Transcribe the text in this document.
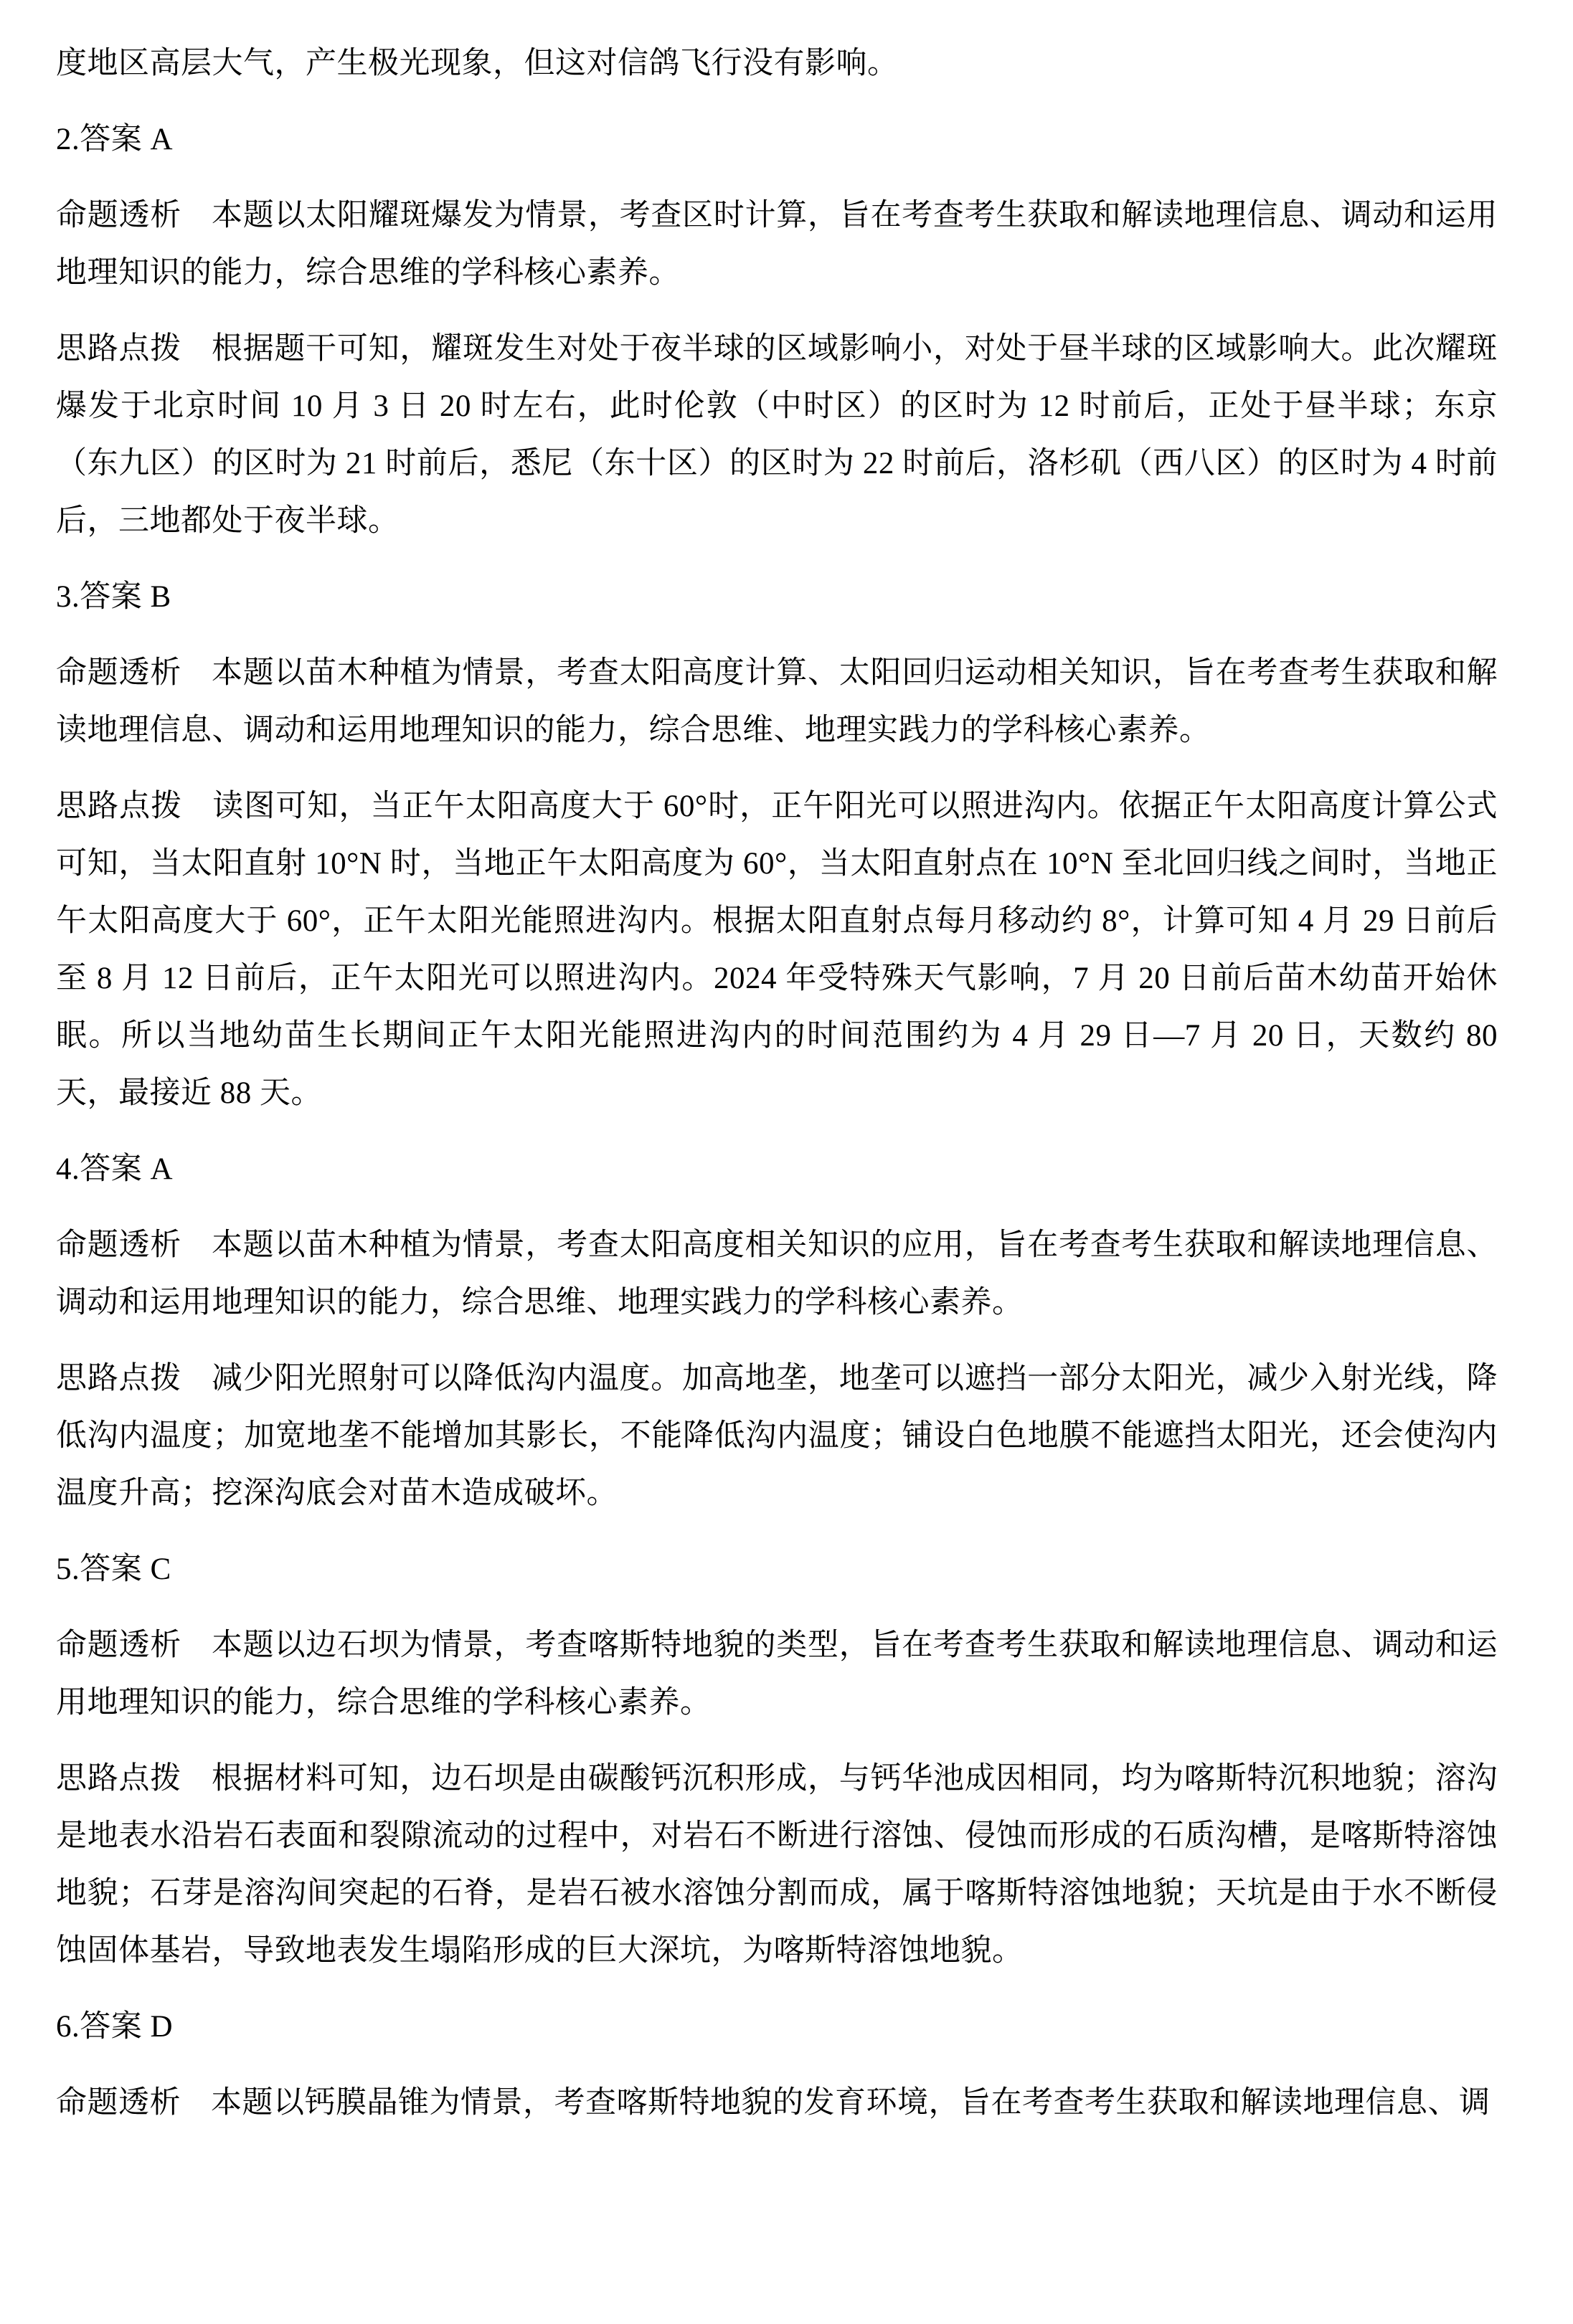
度地区高层大气，产生极光现象，但这对信鸽飞行没有影响。

2.答案 A

命题透析 本题以太阳耀斑爆发为情景，考查区时计算，旨在考查考生获取和解读地理信息、调动和运用地理知识的能力，综合思维的学科核心素养。

思路点拨 根据题干可知，耀斑发生对处于夜半球的区域影响小，对处于昼半球的区域影响大。此次耀斑爆发于北京时间 10 月 3 日 20 时左右，此时伦敦（中时区）的区时为 12 时前后，正处于昼半球；东京（东九区）的区时为 21 时前后，悉尼（东十区）的区时为 22 时前后，洛杉矶（西八区）的区时为 4 时前后，三地都处于夜半球。

3.答案 B

命题透析 本题以苗木种植为情景，考查太阳高度计算、太阳回归运动相关知识，旨在考查考生获取和解读地理信息、调动和运用地理知识的能力，综合思维、地理实践力的学科核心素养。

思路点拨 读图可知，当正午太阳高度大于 60°时，正午阳光可以照进沟内。依据正午太阳高度计算公式可知，当太阳直射 10°N 时，当地正午太阳高度为 60°，当太阳直射点在 10°N 至北回归线之间时，当地正午太阳高度大于 60°，正午太阳光能照进沟内。根据太阳直射点每月移动约 8°，计算可知 4 月 29 日前后至 8 月 12 日前后，正午太阳光可以照进沟内。2024 年受特殊天气影响，7 月 20 日前后苗木幼苗开始休眠。所以当地幼苗生长期间正午太阳光能照进沟内的时间范围约为 4 月 29 日—7 月 20 日，天数约 80 天，最接近 88 天。

4.答案 A

命题透析 本题以苗木种植为情景，考查太阳高度相关知识的应用，旨在考查考生获取和解读地理信息、调动和运用地理知识的能力，综合思维、地理实践力的学科核心素养。

思路点拨 减少阳光照射可以降低沟内温度。加高地垄，地垄可以遮挡一部分太阳光，减少入射光线，降低沟内温度；加宽地垄不能增加其影长，不能降低沟内温度；铺设白色地膜不能遮挡太阳光，还会使沟内温度升高；挖深沟底会对苗木造成破坏。

5.答案 C

命题透析 本题以边石坝为情景，考查喀斯特地貌的类型，旨在考查考生获取和解读地理信息、调动和运用地理知识的能力，综合思维的学科核心素养。

思路点拨 根据材料可知，边石坝是由碳酸钙沉积形成，与钙华池成因相同，均为喀斯特沉积地貌；溶沟是地表水沿岩石表面和裂隙流动的过程中，对岩石不断进行溶蚀、侵蚀而形成的石质沟槽，是喀斯特溶蚀地貌；石芽是溶沟间突起的石脊，是岩石被水溶蚀分割而成，属于喀斯特溶蚀地貌；天坑是由于水不断侵蚀固体基岩，导致地表发生塌陷形成的巨大深坑，为喀斯特溶蚀地貌。

6.答案 D

命题透析 本题以钙膜晶锥为情景，考查喀斯特地貌的发育环境，旨在考查考生获取和解读地理信息、调
